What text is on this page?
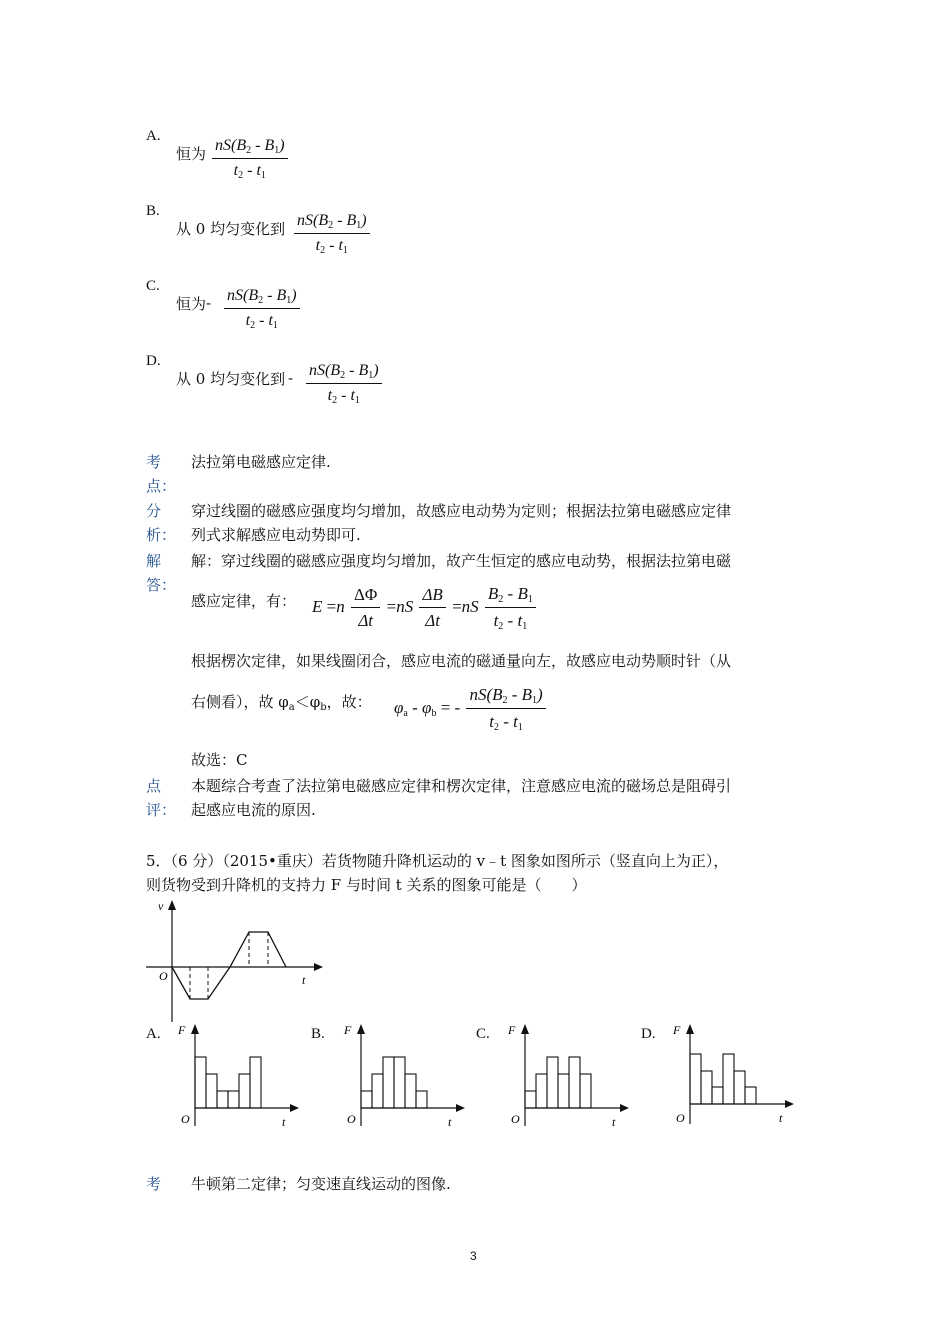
A.
恒为 $\frac{nS(B_2 - B_1)}{t_2 - t_1}$
B.
从 0 均匀变化到 $\frac{nS(B_2 - B_1)}{t_2 - t_1}$
C.
恒为 - $\frac{nS(B_2 - B_1)}{t_2 - t_1}$
D.
从 0 均匀变化到 - $\frac{nS(B_2 - B_1)}{t_2 - t_1}$
考
点：
法拉第电磁感应定律.
分
析：
穿过线圈的磁感应强度均匀增加，故感应电动势为定则；根据法拉第电磁感应定律
列式求解感应电动势即可.
解
答：
解：穿过线圈的磁感应强度均匀增加，故产生恒定的感应电动势，根据法拉第电磁
感应定律，有： $E =n \frac{\Delta\Phi}{\Delta t} =nS \frac{\Delta B}{\Delta t} =nS \frac{B_2 - B_1}{t_2 - t_1}$
根据楞次定律，如果线圈闭合，感应电流的磁通量向左，故感应电动势顺时针（从
右侧看），故 $\varphi_a<\varphi_b$，故： $\varphi_a - \varphi_b$ = - $\frac{nS(B_2 - B_1)}{t_2 - t_1}$
故选：C
点
评：
本题综合考查了法拉第电磁感应定律和楞次定律，注意感应电流的磁场总是阻碍引
起感应电流的原因.
5．（6 分）（2015•重庆）若货物随升降机运动的 v﹣t 图象如图所示（竖直向上为正），
则货物受到升降机的支持力 F 与时间 t 关系的图象可能是（　　）
v
O	t
A. F
O	t
B. F
O	t
C. F
O	t
D. F
O	t
考 牛顿第二定律；匀变速直线运动的图像.
3
